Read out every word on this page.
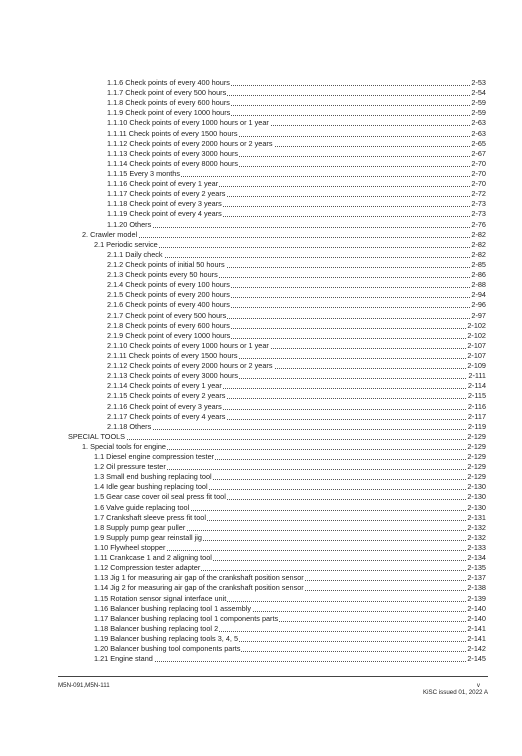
1.1.6 Check points of every 400 hours	2-53
1.1.7 Check point of every 500 hours	2-54
1.1.8 Check points of every 600 hours	2-59
1.1.9 Check point of every 1000 hours	2-59
1.1.10 Check points of every 1000 hours or 1 year	2-63
1.1.11 Check points of every 1500 hours	2-63
1.1.12 Check points of every 2000 hours or 2 years	2-65
1.1.13 Check points of every 3000 hours	2-67
1.1.14 Check points of every 8000 hours	2-70
1.1.15 Every 3 months	2-70
1.1.16 Check point of every 1 year	2-70
1.1.17 Check points of every 2 years	2-72
1.1.18 Check point of every 3 years	2-73
1.1.19 Check point of every 4 years	2-73
1.1.20 Others	2-76
2. Crawler model	2-82
2.1 Periodic service	2-82
2.1.1 Daily check	2-82
2.1.2 Check points of initial 50 hours	2-85
2.1.3 Check points every 50 hours	2-86
2.1.4 Check points of every 100 hours	2-88
2.1.5 Check points of every 200 hours	2-94
2.1.6 Check points of every 400 hours	2-96
2.1.7 Check point of every 500 hours	2-97
2.1.8 Check points of every 600 hours	2-102
2.1.9 Check point of every 1000 hours	2-102
2.1.10 Check points of every 1000 hours or 1 year	2-107
2.1.11 Check points of every 1500 hours	2-107
2.1.12 Check points of every 2000 hours or 2 years	2-109
2.1.13 Check points of every 3000 hours	2-111
2.1.14 Check points of every 1 year	2-114
2.1.15 Check points of every 2 years	2-115
2.1.16 Check point of every 3 years	2-116
2.1.17 Check points of every 4 years	2-117
2.1.18 Others	2-119
SPECIAL TOOLS	2-129
1. Special tools for engine	2-129
1.1 Diesel engine compression tester	2-129
1.2 Oil pressure tester	2-129
1.3 Small end bushing replacing tool	2-129
1.4 Idle gear bushing replacing tool	2-130
1.5 Gear case cover oil seal press fit tool	2-130
1.6 Valve guide replacing tool	2-130
1.7 Crankshaft sleeve press fit tool	2-131
1.8 Supply pump gear puller	2-132
1.9 Supply pump gear reinstall jig	2-132
1.10 Flywheel stopper	2-133
1.11 Crankcase 1 and 2 aligning tool	2-134
1.12 Compression tester adapter	2-135
1.13 Jig 1 for measuring air gap of the crankshaft position sensor	2-137
1.14 Jig 2 for measuring air gap of the crankshaft position sensor	2-138
1.15 Rotation sensor signal interface unit	2-139
1.16 Balancer bushing replacing tool 1 assembly	2-140
1.17 Balancer bushing replacing tool 1 components parts	2-140
1.18 Balancer bushing replacing tool 2	2-141
1.19 Balancer bushing replacing tools 3, 4, 5	2-141
1.20 Balancer bushing tool components parts	2-142
1.21 Engine stand	2-145
M5N-091,M5N-111	v
KiSC issued 01, 2022 A
